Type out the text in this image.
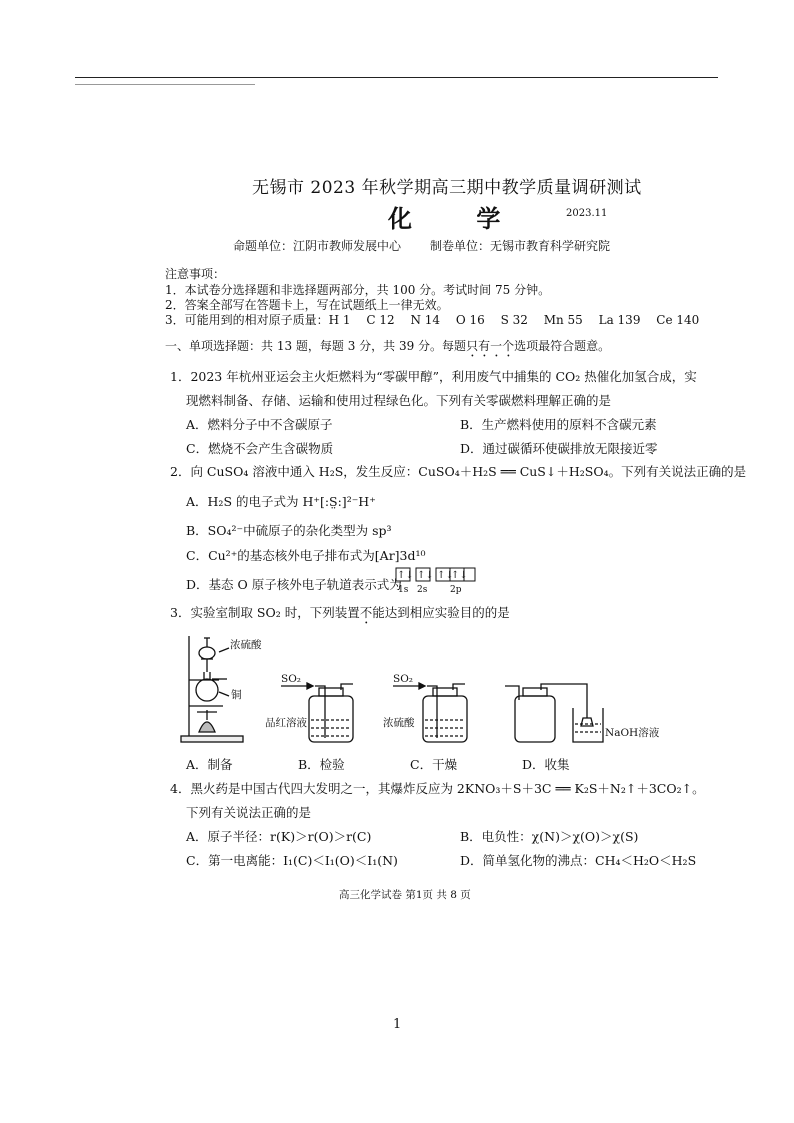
无锡市 2023 年秋学期高三期中教学质量调研测试
化 学	2023.11
命题单位：江阴市教师发展中心 制卷单位：无锡市教育科学研究院
注意事项：
1．本试卷分选择题和非选择题两部分，共 100 分。考试时间 75 分钟。
2．答案全部写在答题卡上，写在试题纸上一律无效。
3．可能用到的相对原子质量：H 1　 C 12　 N 14　 O 16　 S 32　 Mn 55　 La 139　 Ce 140
一、单项选择题：共 13 题，每题 3 分，共 39 分。每题只有一个选项最符合题意。
1．2023 年杭州亚运会主火炬燃料为“零碳甲醇”，利用废气中捕集的 CO₂ 热催化加氢合成，实
现燃料制备、存储、运输和使用过程绿色化。下列有关零碳燃料理解正确的是
A．燃料分子中不含碳原子	B．生产燃料使用的原料不含碳元素
C．燃烧不会产生含碳物质	D．通过碳循环使碳排放无限接近零
2．向 CuSO₄ 溶液中通入 H₂S，发生反应：CuSO₄＋H₂S ══ CuS↓＋H₂SO₄。下列有关说法正确的是
A．H₂S 的电子式为 H⁺[:S̤:]²⁻H⁺
B．SO₄²⁻中硫原子的杂化类型为 sp³
C．Cu²⁺的基态核外电子排布式为[Ar]3d¹⁰
D．基态 O 原子核外电子轨道表示式为
↑↓ ↑↓ ↑↓
↑↓
1s 2s	2p
3．实验室制取 SO₂ 时，下列装置不能达到相应实验目的的是
浓硫酸
铜
SO₂	SO₂
品红溶液	浓硫酸
NaOH溶液
A．制备	B．检验	C．干燥	D．收集
4．黑火药是中国古代四大发明之一，其爆炸反应为 2KNO₃＋S＋3C ══ K₂S＋N₂↑＋3CO₂↑。
下列有关说法正确的是
A．原子半径：r(K)＞r(O)＞r(C)	B．电负性：χ(N)＞χ(O)＞χ(S)
C．第一电离能：I₁(C)＜I₁(O)＜I₁(N)	D．简单氢化物的沸点：CH₄＜H₂O＜H₂S
高三化学试卷 第1页 共 8 页
1
